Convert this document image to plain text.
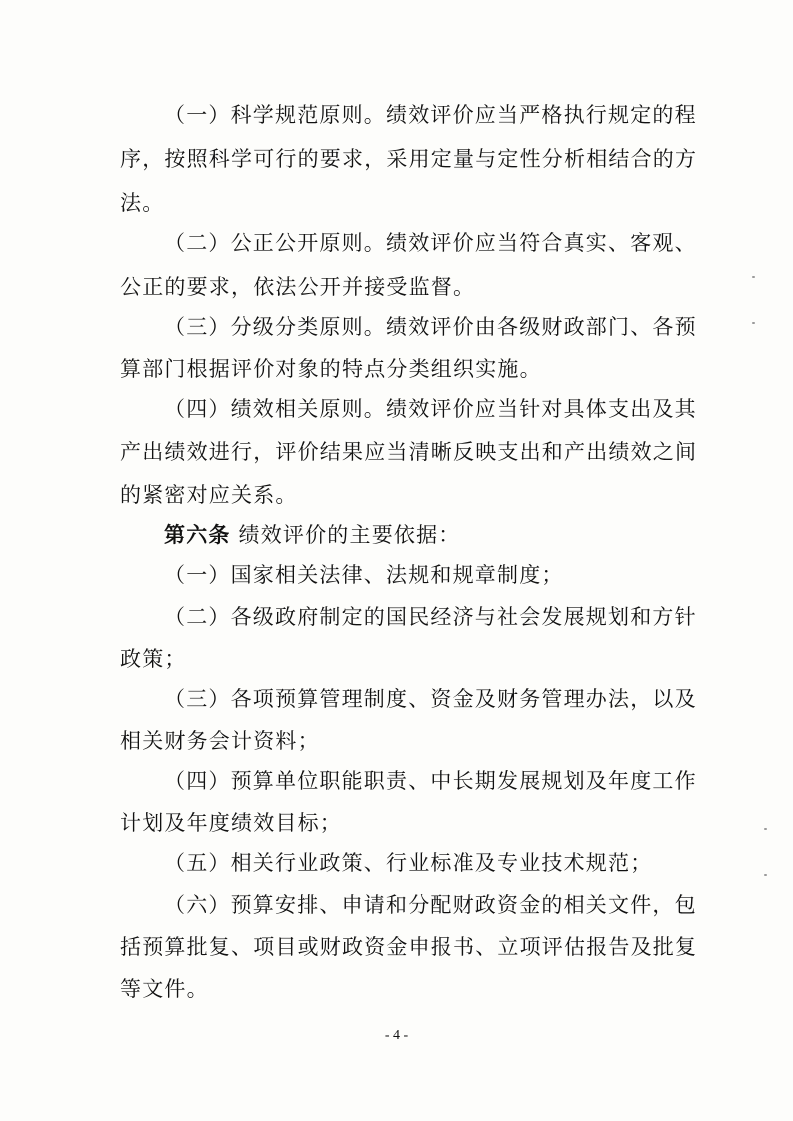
（一）科学规范原则。绩效评价应当严格执行规定的程
序，按照科学可行的要求，采用定量与定性分析相结合的方
法。
（二）公正公开原则。绩效评价应当符合真实、客观、
公正的要求，依法公开并接受监督。
（三）分级分类原则。绩效评价由各级财政部门、各预
算部门根据评价对象的特点分类组织实施。
（四）绩效相关原则。绩效评价应当针对具体支出及其
产出绩效进行，评价结果应当清晰反映支出和产出绩效之间
的紧密对应关系。
第六条 绩效评价的主要依据：
（一）国家相关法律、法规和规章制度；
（二）各级政府制定的国民经济与社会发展规划和方针
政策；
（三）各项预算管理制度、资金及财务管理办法，以及
相关财务会计资料；
（四）预算单位职能职责、中长期发展规划及年度工作
计划及年度绩效目标；
（五）相关行业政策、行业标准及专业技术规范；
（六）预算安排、申请和分配财政资金的相关文件，包
括预算批复、项目或财政资金申报书、立项评估报告及批复
等文件。
- 4 -
